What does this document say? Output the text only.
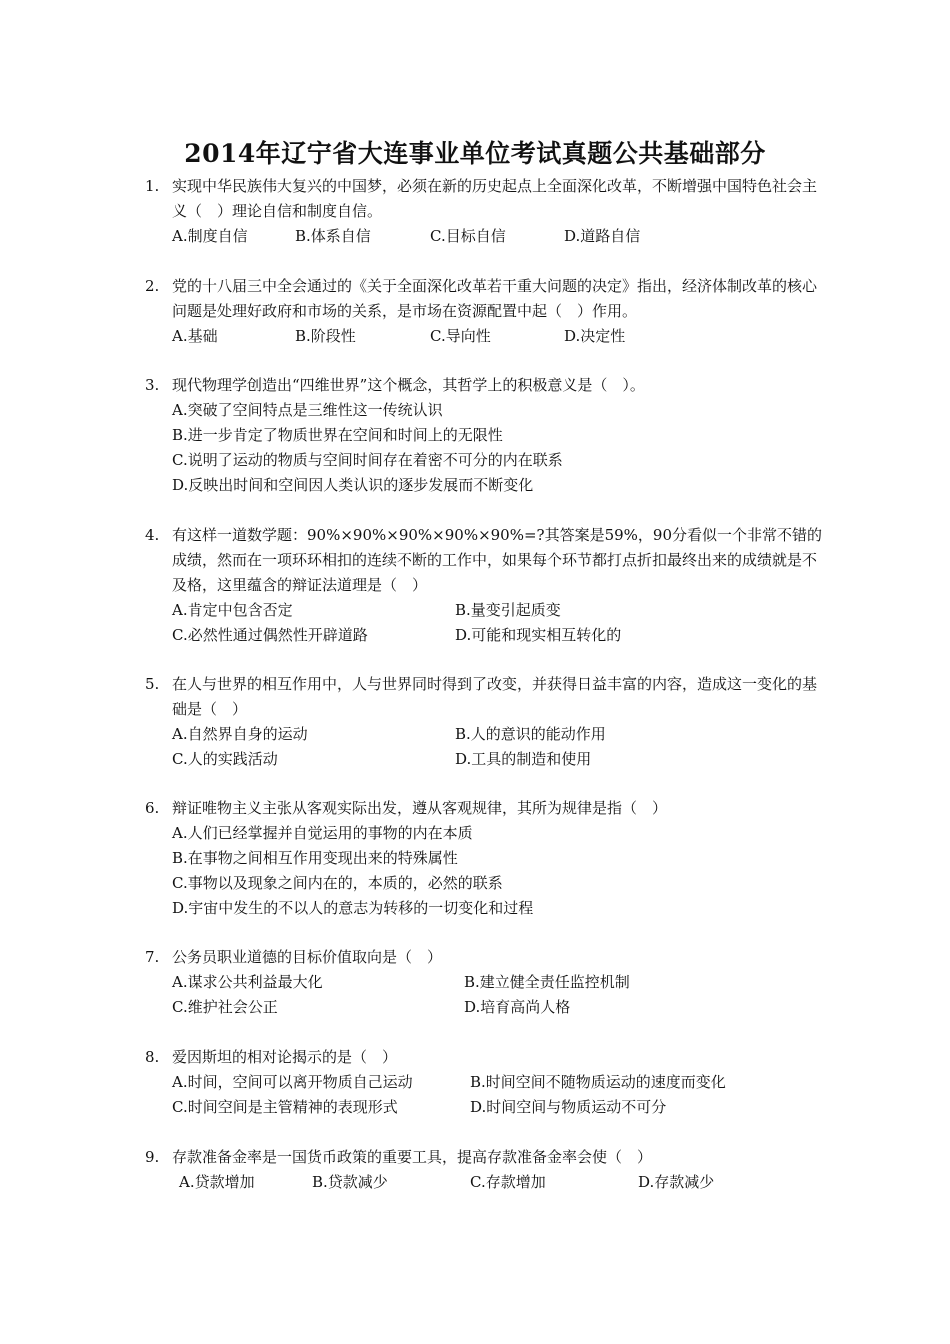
2014年辽宁省大连事业单位考试真题公共基础部分
1. 实现中华民族伟大复兴的中国梦，必须在新的历史起点上全面深化改革，不断增强中国特色社会主义（　）理论自信和制度自信。
A.制度自信	B.体系自信	C.目标自信	D.道路自信
2. 党的十八届三中全会通过的《关于全面深化改革若干重大问题的决定》指出，经济体制改革的核心问题是处理好政府和市场的关系，是市场在资源配置中起（　）作用。
A.基础	B.阶段性	C.导向性	D.决定性
3. 现代物理学创造出“四维世界”这个概念，其哲学上的积极意义是（　）。
A.突破了空间特点是三维性这一传统认识
B.进一步肯定了物质世界在空间和时间上的无限性
C.说明了运动的物质与空间时间存在着密不可分的内在联系
D.反映出时间和空间因人类认识的逐步发展而不断变化
4. 有这样一道数学题：90%×90%×90%×90%×90%=?其答案是59%，90分看似一个非常不错的成绩，然而在一项环环相扣的连续不断的工作中，如果每个环节都打点折扣最终出来的成绩就是不及格，这里蕴含的辩证法道理是（　）
A.肯定中包含否定	B.量变引起质变
C.必然性通过偶然性开辟道路	D.可能和现实相互转化的
5. 在人与世界的相互作用中，人与世界同时得到了改变，并获得日益丰富的内容，造成这一变化的基础是（　）
A.自然界自身的运动	B.人的意识的能动作用
C.人的实践活动	D.工具的制造和使用
6. 辩证唯物主义主张从客观实际出发，遵从客观规律，其所为规律是指（　）
A.人们已经掌握并自觉运用的事物的内在本质
B.在事物之间相互作用变现出来的特殊属性
C.事物以及现象之间内在的，本质的，必然的联系
D.宇宙中发生的不以人的意志为转移的一切变化和过程
7. 公务员职业道德的目标价值取向是（　）
A.谋求公共利益最大化	B.建立健全责任监控机制
C.维护社会公正	D.培育高尚人格
8. 爱因斯坦的相对论揭示的是（　）
A.时间，空间可以离开物质自己运动	B.时间空间不随物质运动的速度而变化
C.时间空间是主管精神的表现形式	D.时间空间与物质运动不可分
9. 存款准备金率是一国货币政策的重要工具，提高存款准备金率会使（　）
A.贷款增加	B.贷款减少	C.存款增加	D.存款减少
